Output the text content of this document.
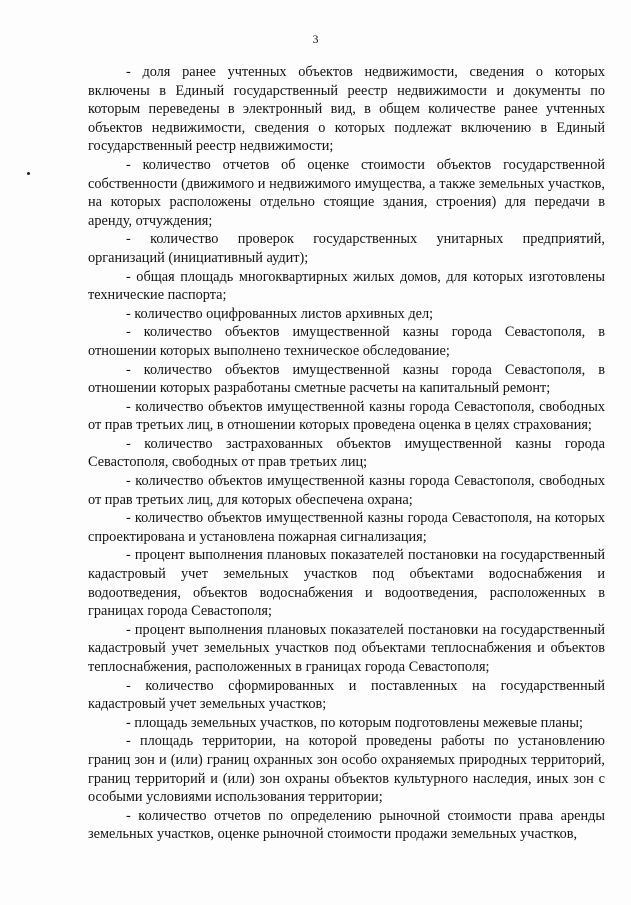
3

- доля ранее учтенных объектов недвижимости, сведения о которых включены в Единый государственный реестр недвижимости и документы по которым переведены в электронный вид, в общем количестве ранее учтенных объектов недвижимости, сведения о которых подлежат включению в Единый государственный реестр недвижимости;

- количество отчетов об оценке стоимости объектов государственной собственности (движимого и недвижимого имущества, а также земельных участков, на которых расположены отдельно стоящие здания, строения) для передачи в аренду, отчуждения;

- количество проверок государственных унитарных предприятий, организаций (инициативный аудит);

- общая площадь многоквартирных жилых домов, для которых изготовлены технические паспорта;

- количество оцифрованных листов архивных дел;

- количество объектов имущественной казны города Севастополя, в отношении которых выполнено техническое обследование;

- количество объектов имущественной казны города Севастополя, в отношении которых разработаны сметные расчеты на капитальный ремонт;

- количество объектов имущественной казны города Севастополя, свободных от прав третьих лиц, в отношении которых проведена оценка в целях страхования;

- количество застрахованных объектов имущественной казны города Севастополя, свободных от прав третьих лиц;

- количество объектов имущественной казны города Севастополя, свободных от прав третьих лиц, для которых обеспечена охрана;

- количество объектов имущественной казны города Севастополя, на которых спроектирована и установлена пожарная сигнализация;

- процент выполнения плановых показателей постановки на государственный кадастровый учет земельных участков под объектами водоснабжения и водоотведения, объектов водоснабжения и водоотведения, расположенных в границах города Севастополя;

- процент выполнения плановых показателей постановки на государственный кадастровый учет земельных участков под объектами теплоснабжения и объектов теплоснабжения, расположенных в границах города Севастополя;

- количество сформированных и поставленных на государственный кадастровый учет земельных участков;

- площадь земельных участков, по которым подготовлены межевые планы;

- площадь территории, на которой проведены работы по установлению границ зон и (или) границ охранных зон особо охраняемых природных территорий, границ территорий и (или) зон охраны объектов культурного наследия, иных зон с особыми условиями использования территории;

- количество отчетов по определению рыночной стоимости права аренды земельных участков, оценке рыночной стоимости продажи земельных участков,
